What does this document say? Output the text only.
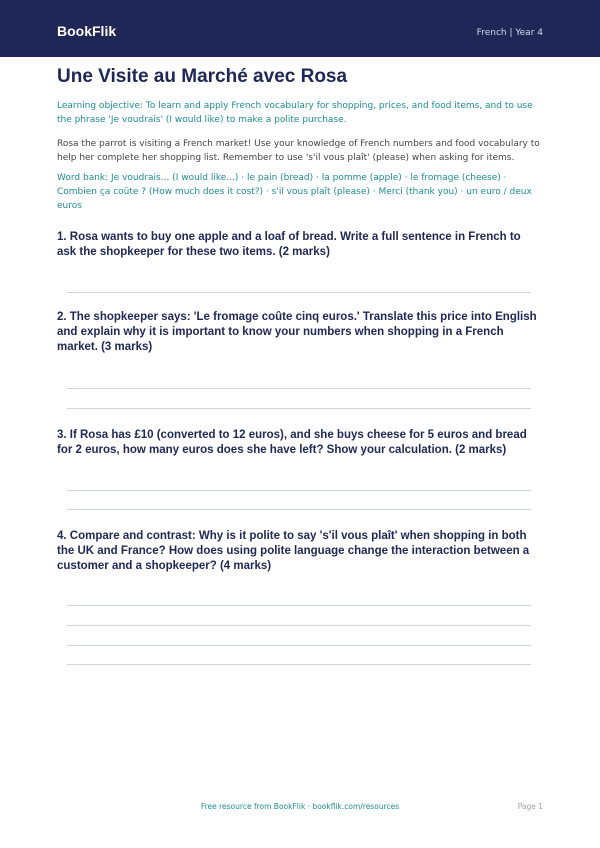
BookFlik	French | Year 4
Une Visite au Marché avec Rosa

Learning objective: To learn and apply French vocabulary for shopping, prices, and food items, and to use the phrase 'Je voudrais' (I would like) to make a polite purchase.

Rosa the parrot is visiting a French market! Use your knowledge of French numbers and food vocabulary to help her complete her shopping list. Remember to use 's'il vous plaît' (please) when asking for items.

Word bank: Je voudrais... (I would like...) · le pain (bread) · la pomme (apple) · le fromage (cheese) · Combien ça coûte ? (How much does it cost?) · s'il vous plaît (please) · Merci (thank you) · un euro / deux euros

1. Rosa wants to buy one apple and a loaf of bread. Write a full sentence in French to ask the shopkeeper for these two items. (2 marks)

2. The shopkeeper says: 'Le fromage coûte cinq euros.' Translate this price into English and explain why it is important to know your numbers when shopping in a French market. (3 marks)

3. If Rosa has £10 (converted to 12 euros), and she buys cheese for 5 euros and bread for 2 euros, how many euros does she have left? Show your calculation. (2 marks)

4. Compare and contrast: Why is it polite to say 's'il vous plaît' when shopping in both the UK and France? How does using polite language change the interaction between a customer and a shopkeeper? (4 marks)

Free resource from BookFlik · bookflik.com/resources	Page 1
